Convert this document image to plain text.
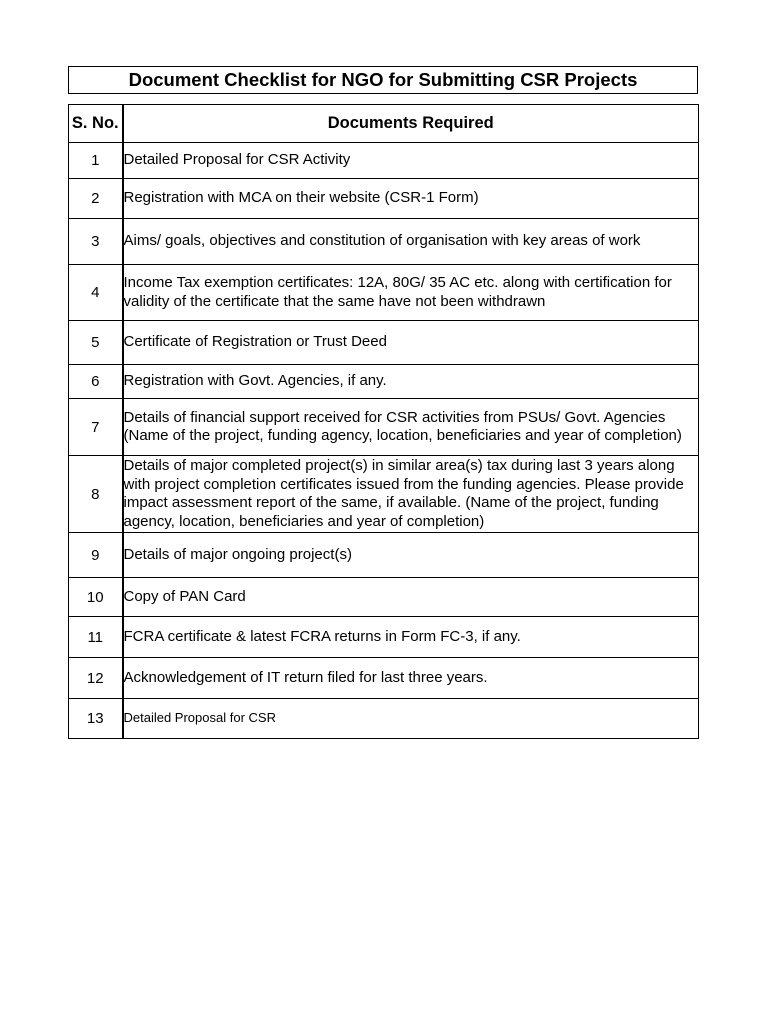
Document Checklist for NGO for Submitting CSR Projects
S. No.	Documents Required
1	Detailed Proposal for CSR Activity
2	Registration with MCA on their website (CSR-1 Form)
3	Aims/ goals, objectives and constitution of organisation with key areas of work
4	Income Tax exemption certificates: 12A, 80G/ 35 AC etc. along with certification for validity of the certificate that the same have not been withdrawn
5	Certificate of Registration or Trust Deed
6	Registration with Govt. Agencies, if any.
7	Details of financial support received for CSR activities from PSUs/ Govt. Agencies (Name of the project, funding agency, location, beneficiaries and year of completion)
8	Details of major completed project(s) in similar area(s) tax during last 3 years along with project completion certificates issued from the funding agencies. Please provide impact assessment report of the same, if available. (Name of the project, funding agency, location, beneficiaries and year of completion)
9	Details of major ongoing project(s)
10	Copy of PAN Card
11	FCRA certificate & latest FCRA returns in Form FC-3, if any.
12	Acknowledgement of IT return filed for last three years.
13	Detailed Proposal for CSR
